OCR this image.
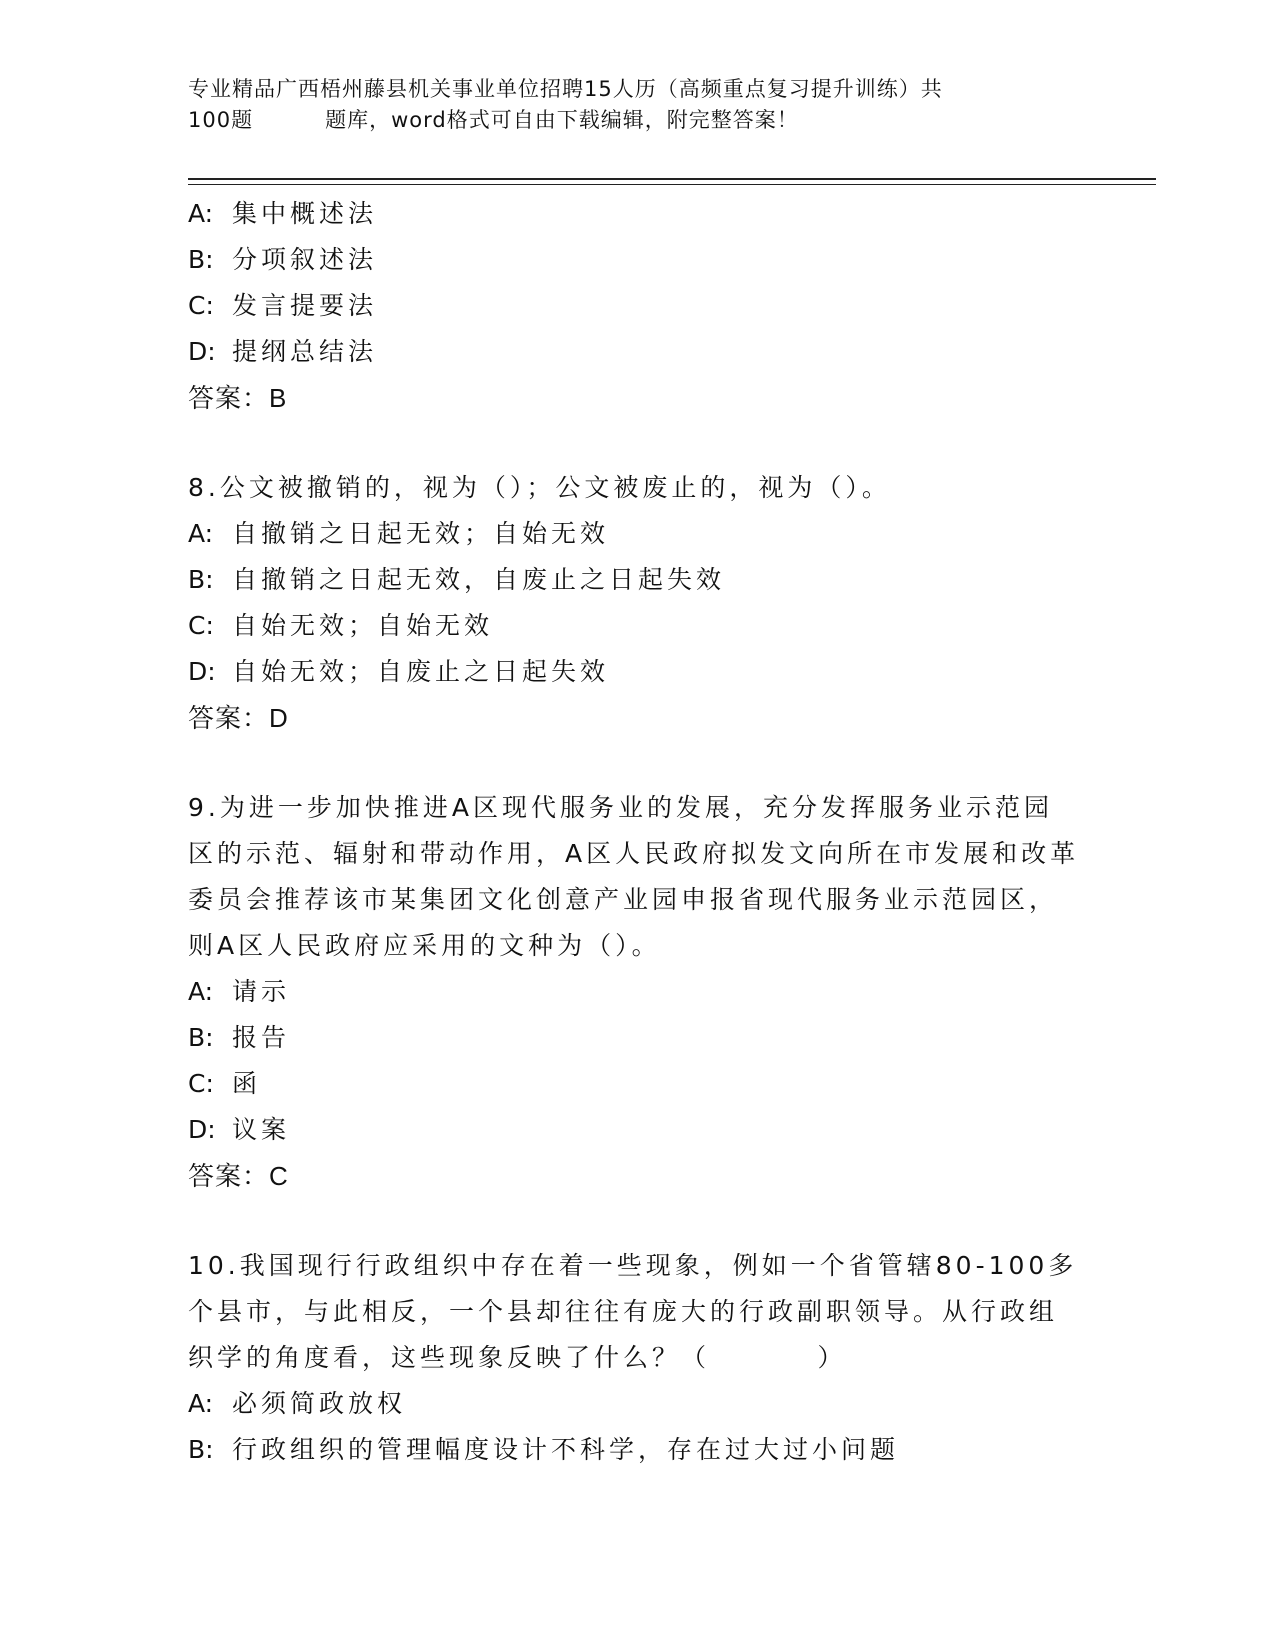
专业精品广西梧州藤县机关事业单位招聘15人历（高频重点复习提升训练）共
100题	题库，word格式可自由下载编辑，附完整答案！
A: 集中概述法
B: 分项叙述法
C: 发言提要法
D: 提纲总结法
答案：B
8.公文被撤销的，视为（）；公文被废止的，视为（）。
A: 自撤销之日起无效；自始无效
B: 自撤销之日起无效，自废止之日起失效
C: 自始无效；自始无效
D: 自始无效；自废止之日起失效
答案：D
9.为进一步加快推进A区现代服务业的发展，充分发挥服务业示范园
区的示范、辐射和带动作用，A区人民政府拟发文向所在市发展和改革
委员会推荐该市某集团文化创意产业园申报省现代服务业示范园区，
则A区人民政府应采用的文种为（）。
A: 请示
B: 报告
C: 函
D: 议案
答案：C
10.我国现行行政组织中存在着一些现象，例如一个省管辖80-100多
个县市，与此相反，一个县却往往有庞大的行政副职领导。从行政组
织学的角度看，这些现象反映了什么？（         ）
A: 必须简政放权
B: 行政组织的管理幅度设计不科学，存在过大过小问题
